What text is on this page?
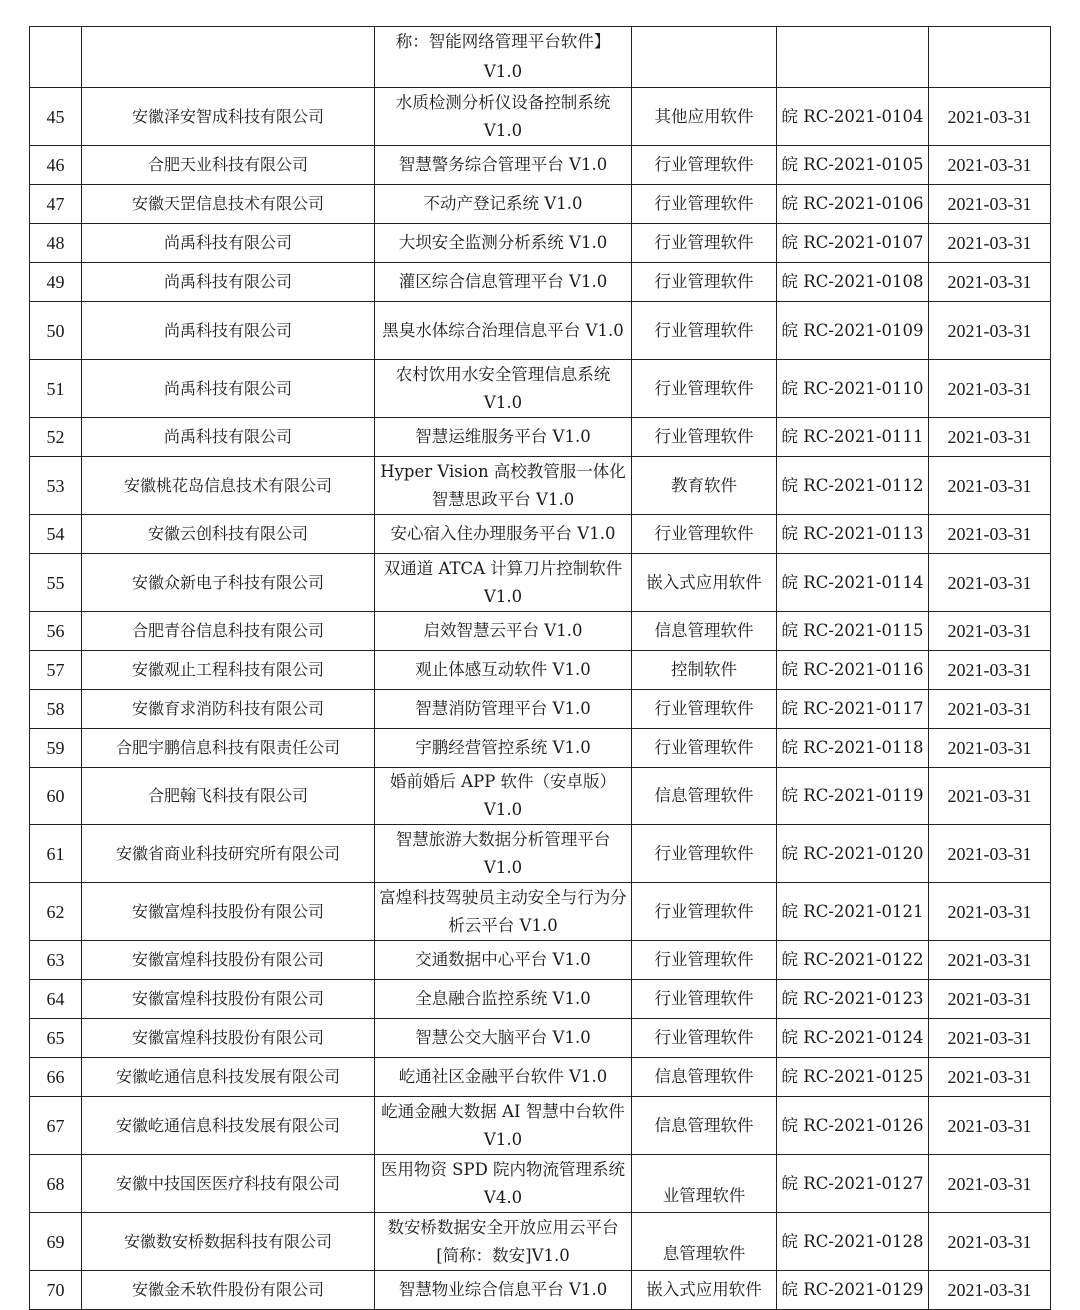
		称：智能网络管理平台软件】V1.0			
45	安徽泽安智成科技有限公司	水质检测分析仪设备控制系统 V1.0	其他应用软件	皖 RC-2021-0104	2021-03-31
46	合肥天业科技有限公司	智慧警务综合管理平台 V1.0	行业管理软件	皖 RC-2021-0105	2021-03-31
47	安徽天罡信息技术有限公司	不动产登记系统 V1.0	行业管理软件	皖 RC-2021-0106	2021-03-31
48	尚禹科技有限公司	大坝安全监测分析系统 V1.0	行业管理软件	皖 RC-2021-0107	2021-03-31
49	尚禹科技有限公司	灌区综合信息管理平台 V1.0	行业管理软件	皖 RC-2021-0108	2021-03-31
50	尚禹科技有限公司	黑臭水体综合治理信息平台 V1.0	行业管理软件	皖 RC-2021-0109	2021-03-31
51	尚禹科技有限公司	农村饮用水安全管理信息系统 V1.0	行业管理软件	皖 RC-2021-0110	2021-03-31
52	尚禹科技有限公司	智慧运维服务平台 V1.0	行业管理软件	皖 RC-2021-0111	2021-03-31
53	安徽桃花岛信息技术有限公司	Hyper Vision 高校教管服一体化智慧思政平台 V1.0	教育软件	皖 RC-2021-0112	2021-03-31
54	安徽云创科技有限公司	安心宿入住办理服务平台 V1.0	行业管理软件	皖 RC-2021-0113	2021-03-31
55	安徽众新电子科技有限公司	双通道 ATCA 计算刀片控制软件 V1.0	嵌入式应用软件	皖 RC-2021-0114	2021-03-31
56	合肥青谷信息科技有限公司	启效智慧云平台 V1.0	信息管理软件	皖 RC-2021-0115	2021-03-31
57	安徽观止工程科技有限公司	观止体感互动软件 V1.0	控制软件	皖 RC-2021-0116	2021-03-31
58	安徽育求消防科技有限公司	智慧消防管理平台 V1.0	行业管理软件	皖 RC-2021-0117	2021-03-31
59	合肥宇鹏信息科技有限责任公司	宇鹏经营管控系统 V1.0	行业管理软件	皖 RC-2021-0118	2021-03-31
60	合肥翰飞科技有限公司	婚前婚后 APP 软件（安卓版）V1.0	信息管理软件	皖 RC-2021-0119	2021-03-31
61	安徽省商业科技研究所有限公司	智慧旅游大数据分析管理平台 V1.0	行业管理软件	皖 RC-2021-0120	2021-03-31
62	安徽富煌科技股份有限公司	富煌科技驾驶员主动安全与行为分析云平台 V1.0	行业管理软件	皖 RC-2021-0121	2021-03-31
63	安徽富煌科技股份有限公司	交通数据中心平台 V1.0	行业管理软件	皖 RC-2021-0122	2021-03-31
64	安徽富煌科技股份有限公司	全息融合监控系统 V1.0	行业管理软件	皖 RC-2021-0123	2021-03-31
65	安徽富煌科技股份有限公司	智慧公交大脑平台 V1.0	行业管理软件	皖 RC-2021-0124	2021-03-31
66	安徽屹通信息科技发展有限公司	屹通社区金融平台软件 V1.0	信息管理软件	皖 RC-2021-0125	2021-03-31
67	安徽屹通信息科技发展有限公司	屹通金融大数据 AI 智慧中台软件 V1.0	信息管理软件	皖 RC-2021-0126	2021-03-31
68	安徽中技国医医疗科技有限公司	医用物资 SPD 院内物流管理系统 V4.0	业管理软件	皖 RC-2021-0127	2021-03-31
69	安徽数安桥数据科技有限公司	数安桥数据安全开放应用云平台[简称：数安]V1.0	息管理软件	皖 RC-2021-0128	2021-03-31
70	安徽金禾软件股份有限公司	智慧物业综合信息平台 V1.0	嵌入式应用软件	皖 RC-2021-0129	2021-03-31
